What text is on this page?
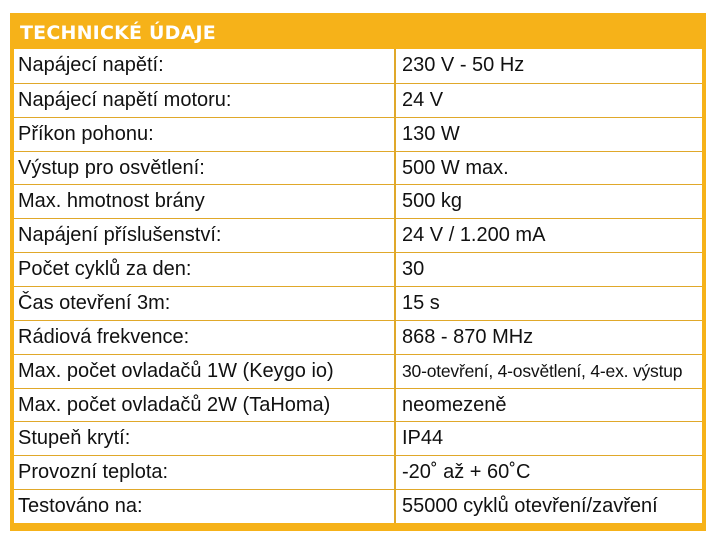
TECHNICKÉ ÚDAJE
Napájecí napětí:	230 V - 50 Hz
Napájecí napětí motoru:	24 V
Příkon pohonu:	130 W
Výstup pro osvětlení:	500 W max.
Max. hmotnost brány	500 kg
Napájení příslušenství:	24 V / 1.200 mA
Počet cyklů za den:	30
Čas otevření 3m:	15 s
Rádiová frekvence:	868 - 870 MHz
Max. počet ovladačů 1W (Keygo io)	30-otevření, 4-osvětlení, 4-ex. výstup
Max. počet ovladačů 2W (TaHoma)	neomezeně
Stupeň krytí:	IP44
Provozní teplota:	-20˚ až + 60˚C
Testováno na:	55000 cyklů otevření/zavření
